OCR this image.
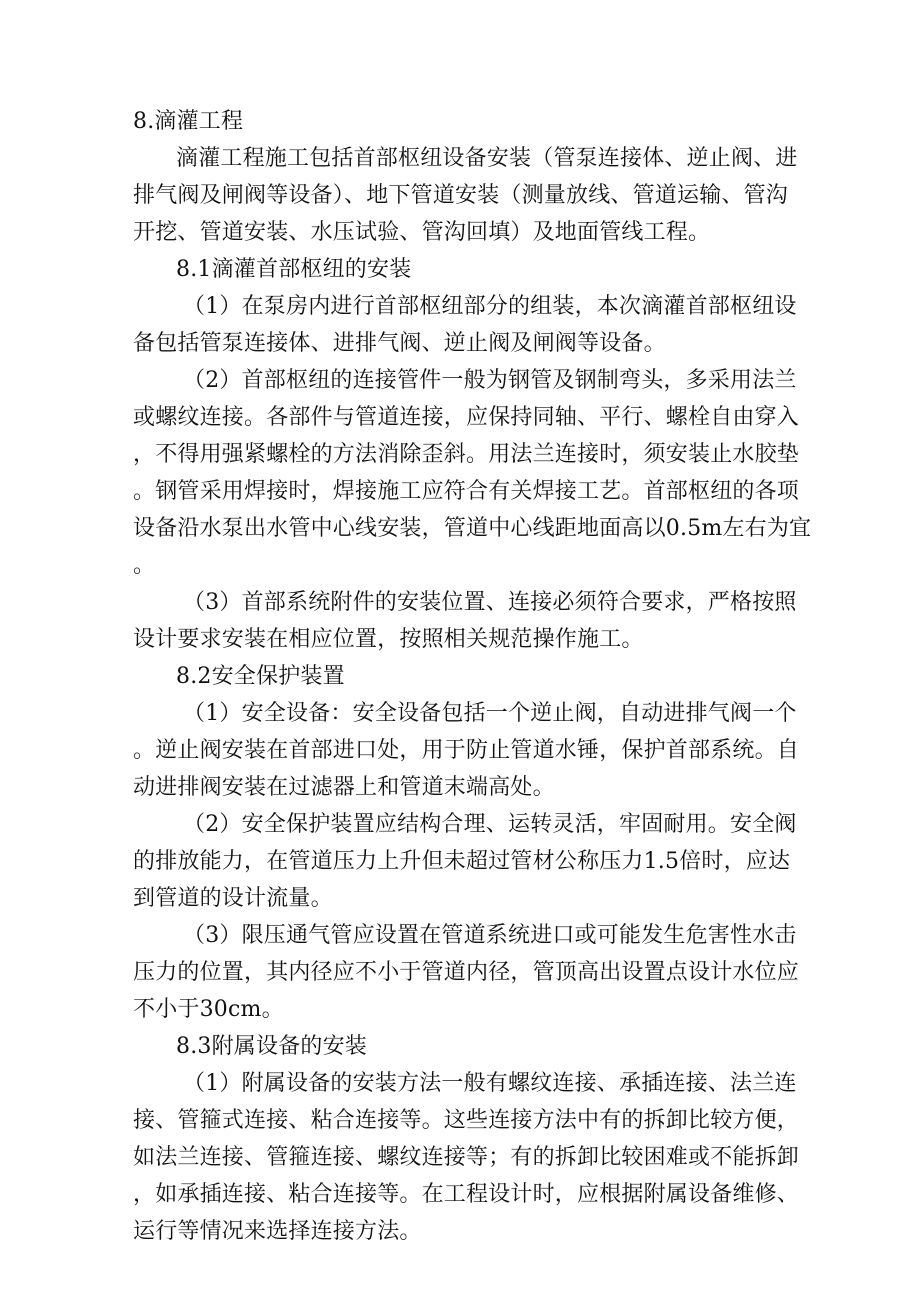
8.滴灌工程
滴灌工程施工包括首部枢纽设备安装（管泵连接体、逆止阀、进
排气阀及闸阀等设备）、地下管道安装（测量放线、管道运输、管沟
开挖、管道安装、水压试验、管沟回填）及地面管线工程。
8.1滴灌首部枢纽的安装
（1）在泵房内进行首部枢纽部分的组装，本次滴灌首部枢纽设
备包括管泵连接体、进排气阀、逆止阀及闸阀等设备。
（2）首部枢纽的连接管件一般为钢管及钢制弯头，多采用法兰
或螺纹连接。各部件与管道连接，应保持同轴、平行、螺栓自由穿入
，不得用强紧螺栓的方法消除歪斜。用法兰连接时，须安装止水胶垫
。钢管采用焊接时，焊接施工应符合有关焊接工艺。首部枢纽的各项
设备沿水泵出水管中心线安装，管道中心线距地面高以0.5m左右为宜
。
（3）首部系统附件的安装位置、连接必须符合要求，严格按照
设计要求安装在相应位置，按照相关规范操作施工。
8.2安全保护装置
（1）安全设备：安全设备包括一个逆止阀，自动进排气阀一个
。逆止阀安装在首部进口处，用于防止管道水锤，保护首部系统。自
动进排阀安装在过滤器上和管道末端高处。
（2）安全保护装置应结构合理、运转灵活，牢固耐用。安全阀
的排放能力，在管道压力上升但未超过管材公称压力1.5倍时，应达
到管道的设计流量。
（3）限压通气管应设置在管道系统进口或可能发生危害性水击
压力的位置，其内径应不小于管道内径，管顶高出设置点设计水位应
不小于30cm。
8.3附属设备的安装
（1）附属设备的安装方法一般有螺纹连接、承插连接、法兰连
接、管箍式连接、粘合连接等。这些连接方法中有的拆卸比较方便，
如法兰连接、管箍连接、螺纹连接等；有的拆卸比较困难或不能拆卸
，如承插连接、粘合连接等。在工程设计时，应根据附属设备维修、
运行等情况来选择连接方法。
